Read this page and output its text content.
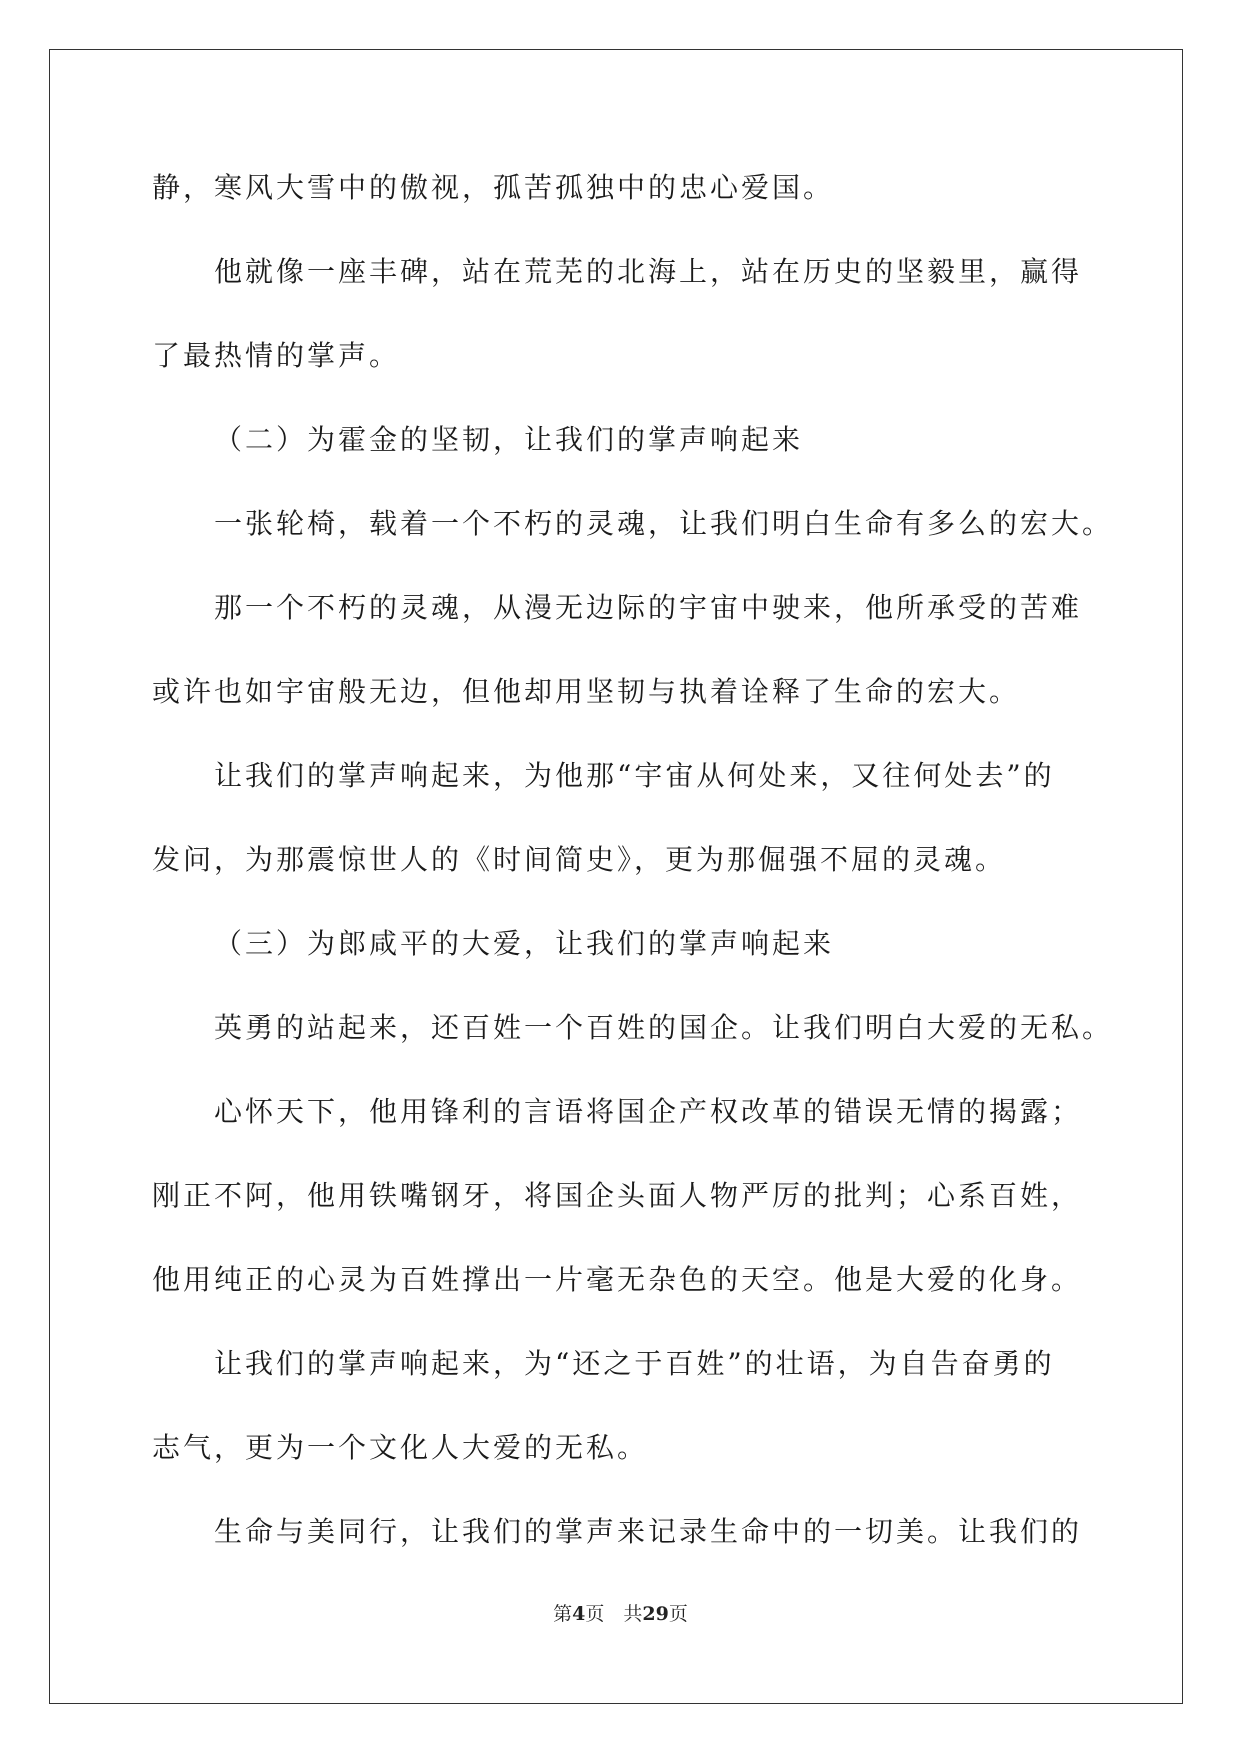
静，寒风大雪中的傲视，孤苦孤独中的忠心爱国。
他就像一座丰碑，站在荒芜的北海上，站在历史的坚毅里，赢得
了最热情的掌声。
（二）为霍金的坚韧，让我们的掌声响起来
一张轮椅，载着一个不朽的灵魂，让我们明白生命有多么的宏大。
那一个不朽的灵魂，从漫无边际的宇宙中驶来，他所承受的苦难
或许也如宇宙般无边，但他却用坚韧与执着诠释了生命的宏大。
让我们的掌声响起来，为他那“宇宙从何处来，又往何处去”的
发问，为那震惊世人的《时间简史》，更为那倔强不屈的灵魂。
（三）为郎咸平的大爱，让我们的掌声响起来
英勇的站起来，还百姓一个百姓的国企。让我们明白大爱的无私。
心怀天下，他用锋利的言语将国企产权改革的错误无情的揭露；
刚正不阿，他用铁嘴钢牙，将国企头面人物严厉的批判；心系百姓，
他用纯正的心灵为百姓撑出一片毫无杂色的天空。他是大爱的化身。
让我们的掌声响起来，为“还之于百姓”的壮语，为自告奋勇的
志气，更为一个文化人大爱的无私。
生命与美同行，让我们的掌声来记录生命中的一切美。让我们的
第4页　共29页
